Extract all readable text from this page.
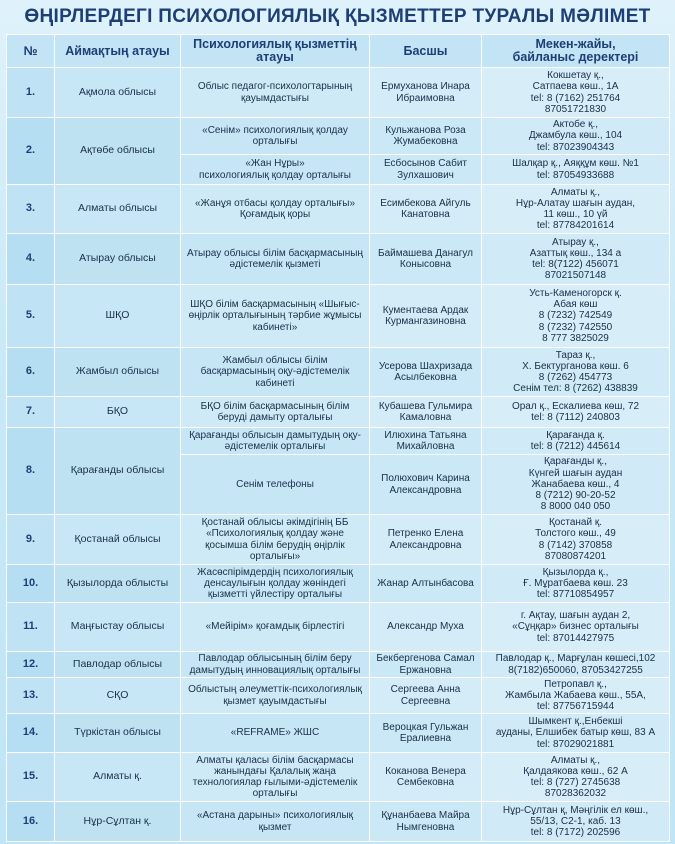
ӨҢІРЛЕРДЕГІ ПСИХОЛОГИЯЛЫҚ ҚЫЗМЕТТЕР ТУРАЛЫ МӘЛІМЕТ
№	Аймақтың атауы	Психологиялық қызметтің
атауы	Басшы	Мекен-жайы,
байланыс деректері
1.	Ақмола облысы	Облыс педагог-психологтарының
қауымдастығы	Ермуханова Инара
Ибраимовна	Кокшетау қ.,
Сатпаева көш., 1А
tel: 8 (7162) 251764
87051721830
2.	Ақтөбе облысы	«Сенім» психологиялық қолдау
орталығы	Кульжанова Роза
Жумабековна	Актобе қ.,
Джамбула көш., 104
tel: 87023904343
		«Жан Нұры»
психологиялық қолдау орталығы	Есбосынов Сабит
Зулхашович	Шалқар қ., Аяққұм көш. №1
tel: 87054933688
3.	Алматы облысы	«Жанұя отбасы қолдау орталығы»
Қоғамдық қоры	Есимбекова Айгуль
Канатовна	Алматы қ.,
Нұр-Алатау шағын аудан,
11 көш., 10 үй
tel: 87784201614
4.	Атырау облысы	Атырау облысы білім басқармасының
әдістемелік қызметі	Баймашева Данагул
Конысовна	Атырау қ.,
Азаттық көш., 134 а
tel: 8(7122) 456071
87021507148
5.	ШҚО	ШҚО білім басқармасының «Шығыс-
өңірлік орталығының тәрбие жұмысы
кабинеті»	Кументаева Ардак
Курмангазиновна	Усть-Каменогорск қ.
Абая көш
8 (7232) 742549
8 (7232) 742550
8 777 3825029
6.	Жамбыл облысы	Жамбыл облысы білім
басқармасының оқу-әдістемелік
кабинеті	Усерова Шахризада
Асылбековна	Тараз қ.,
Х. Бектурганова көш. 6
8 (7262) 454773
Сенім тел: 8 (7262) 438839
7.	БҚО	БҚО білім басқармасының білім
беруді дамыту орталығы	Кубашева Гульмира
Камаловна	Орал қ., Ескалиева көш, 72
tel: 8 (7112) 240803
8.	Қарағанды облысы	Қарағанды облысын дамытудың оқу-
әдістемелік орталығы	Илюхина Татьяна
Михайловна	Қарағанда қ.
tel: 8 (7212) 445614
		Сенім телефоны	Полюхович Карина
Александровна	Қарағанды қ.,
Күнгей шағын аудан
Жанабаева көш., 4
8 (7212) 90-20-52
8 8000 040 050
9.	Қостанай облысы	Қостанай облысы әкімдігінің ББ
«Психологиялық қолдау және
қосымша білім берудің өңірлік
орталығы»	Петренко Елена
Александровна	Қостанай қ.
Толстого көш., 49
8 (7142) 370858
87080874201
10.	Қызылорда облысты	Жасөспірімдердің психологиялық
денсаулығын қолдау жөніндегі
қызметті үйлестіру орталығы	Жанар Алтынбасова	Қызылорда қ.,
Ғ. Мұратбаева көш. 23
tel: 87710854957
11.	Маңғыстау облысы	«Мейірім» қоғамдық бірлестігі	Александр Муха	г. Ақтау, шағын аудан 2,
«Сұңқар» бизнес орталығы
tel: 87014427975
12.	Павлодар облысы	Павлодар облысының білім беру
дамытудың инновациялық орталығы	Бекбергенова Самал
Ержановна	Павлодар қ., Марғұлан көшесі,102
8(7182)650060, 87053427255
13.	СҚО	Облыстың әлеуметтік-психологиялық
қызмет қауымдастығы	Сергеева Анна
Сергеевна	Петропавл қ.,
Жамбыла Жабаева көш., 55А,
tel: 87756715944
14.	Түркістан облысы	«REFRAME» ЖШС	Вероцкая Гульжан
Ералиевна	Шымкент қ.,Енбекші
ауданы, Елшибек батыр көш, 83 А
tel: 87029021881
15.	Алматы қ.	Алматы қаласы білім басқармасы
жанындағы Қалалық жаңа
технологиялар ғылыми-әдістемелік
орталығы	Коканова Венера
Сембековна	Алматы қ.,
Қалдаякова көш., 62 А
tel: 8 (727) 2745638
87028362032
16.	Нұр-Сұлтан қ.	«Астана дарыны» психологиялық
қызмет	Құнанбаева Майра
Нымгеновна	Нұр-Сұлтан қ, Мәңгілік ел көш.,
55/13, С2-1, каб. 13
tel: 8 (7172) 202596
